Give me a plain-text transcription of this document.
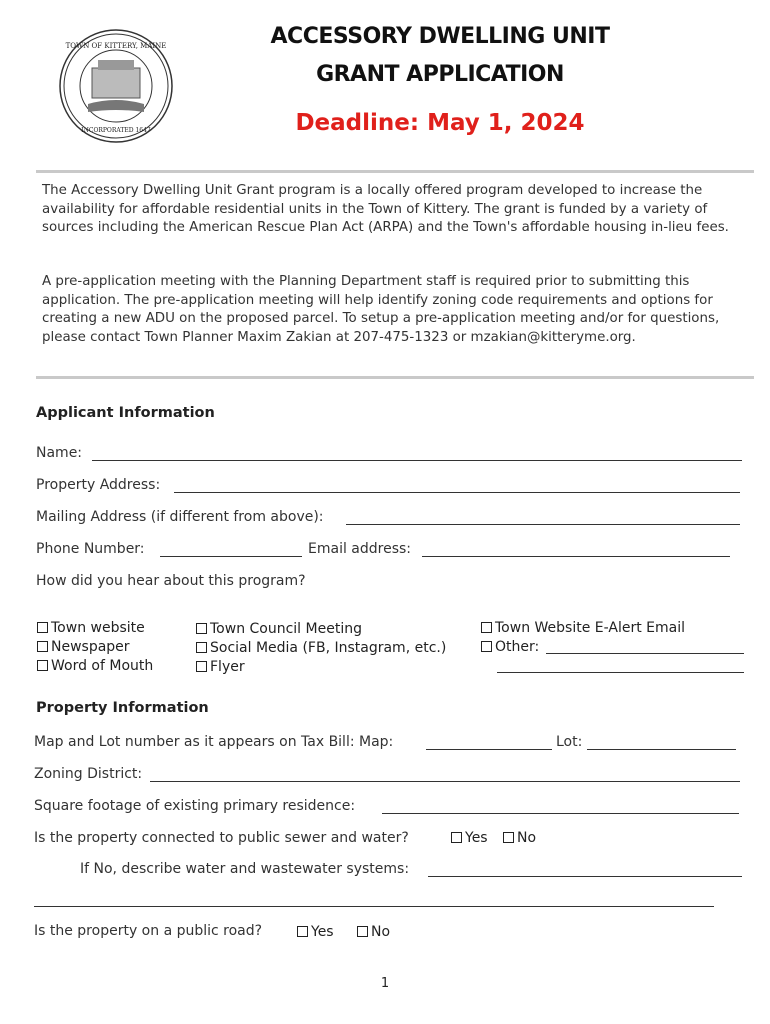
TOWN OF KITTERY, MAINE
INCORPORATED 1647
ACCESSORY DWELLING UNIT
GRANT APPLICATION
Deadline: May 1, 2024
The Accessory Dwelling Unit Grant program is a locally offered program developed to increase the availability for affordable residential units in the Town of Kittery. The grant is funded by a variety of sources including the American Rescue Plan Act (ARPA) and the Town's affordable housing in-lieu fees.
A pre-application meeting with the Planning Department staff is required prior to submitting this application. The pre-application meeting will help identify zoning code requirements and options for creating a new ADU on the proposed parcel. To setup a pre-application meeting and/or for questions, please contact Town Planner Maxim Zakian at 207-475-1323 or mzakian@kitteryme.org.
Applicant Information
Name:
Property Address:
Mailing Address (if different from above):
Phone Number:	Email address:
How did you hear about this program?
Town website
Newspaper
Word of Mouth
Town Council Meeting
Social Media (FB, Instagram, etc.)
Flyer
Town Website E-Alert Email
Other:
Property Information
Map and Lot number as it appears on Tax Bill: Map:	Lot:
Zoning District:
Square footage of existing primary residence:
Is the property connected to public sewer and water?	Yes	No
If No, describe water and wastewater systems:
Is the property on a public road?	Yes	No
1
